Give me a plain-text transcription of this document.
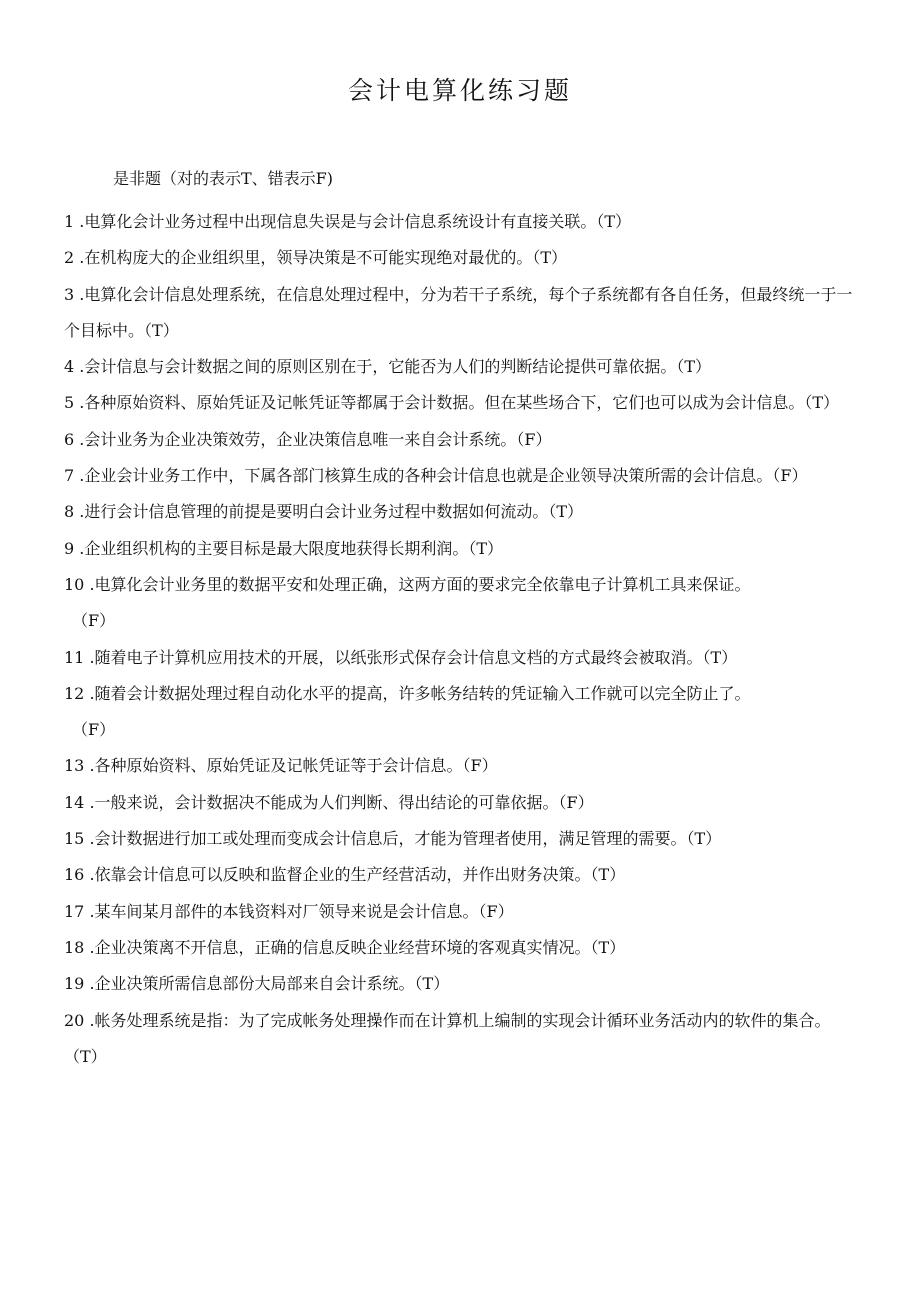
会计电算化练习题
是非题（对的表示T、错表示F)
1 .电算化会计业务过程中出现信息失误是与会计信息系统设计有直接关联。（T）
2 .在机构庞大的企业组织里，领导决策是不可能实现绝对最优的。（T）
3 .电算化会计信息处理系统，在信息处理过程中，分为若干子系统，每个子系统都有各自任务，但最终统一于一个目标中。（T）
4 .会计信息与会计数据之间的原则区别在于，它能否为人们的判断结论提供可靠依据。（T）
5 .各种原始资料、原始凭证及记帐凭证等都属于会计数据。但在某些场合下，它们也可以成为会计信息。（T）
6 .会计业务为企业决策效劳，企业决策信息唯一来自会计系统。（F）
7 .企业会计业务工作中，下属各部门核算生成的各种会计信息也就是企业领导决策所需的会计信息。（F）
8 .进行会计信息管理的前提是要明白会计业务过程中数据如何流动。（T）
9 .企业组织机构的主要目标是最大限度地获得长期利润。（T）
10 .电算化会计业务里的数据平安和处理正确，这两方面的要求完全依靠电子计算机工具来保证。
（F）
11 .随着电子计算机应用技术的开展，以纸张形式保存会计信息文档的方式最终会被取消。（T）
12 .随着会计数据处理过程自动化水平的提高，许多帐务结转的凭证输入工作就可以完全防止了。
（F）
13 .各种原始资料、原始凭证及记帐凭证等于会计信息。（F）
14 .一般来说，会计数据决不能成为人们判断、得出结论的可靠依据。（F）
15 .会计数据进行加工或处理而变成会计信息后，才能为管理者使用，满足管理的需要。（T）
16 .依靠会计信息可以反映和监督企业的生产经营活动，并作出财务决策。（T）
17 .某车间某月部件的本钱资料对厂领导来说是会计信息。（F）
18 .企业决策离不开信息，正确的信息反映企业经营环境的客观真实情况。（T）
19 .企业决策所需信息部份大局部来自会计系统。（T）
20 .帐务处理系统是指：为了完成帐务处理操作而在计算机上编制的实现会计循环业务活动内的软件的集合。（T）
